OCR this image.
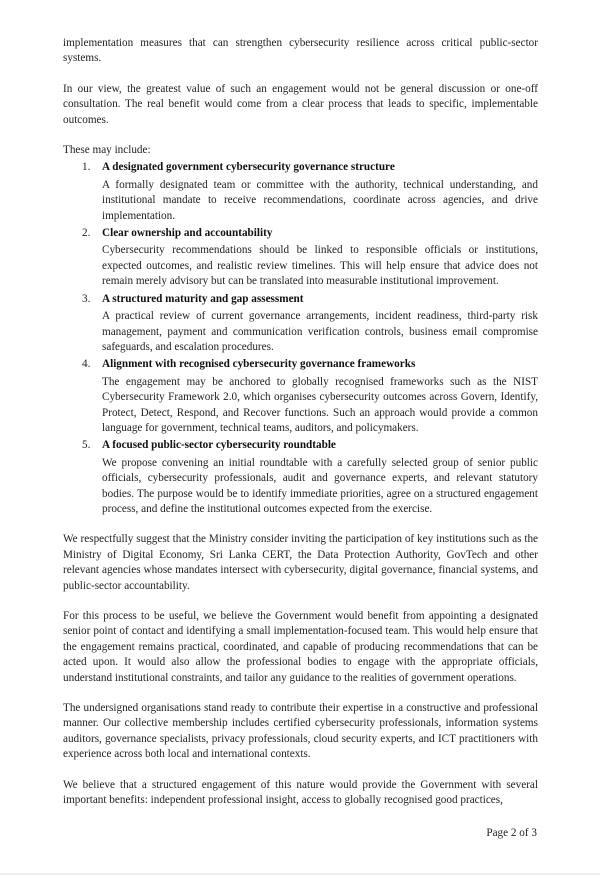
implementation measures that can strengthen cybersecurity resilience across critical public-sector systems.

In our view, the greatest value of such an engagement would not be general discussion or one-off consultation. The real benefit would come from a clear process that leads to specific, implementable outcomes.

These may include:

1. A designated government cybersecurity governance structure
A formally designated team or committee with the authority, technical understanding, and institutional mandate to receive recommendations, coordinate across agencies, and drive implementation.
2. Clear ownership and accountability
Cybersecurity recommendations should be linked to responsible officials or institutions, expected outcomes, and realistic review timelines. This will help ensure that advice does not remain merely advisory but can be translated into measurable institutional improvement.
3. A structured maturity and gap assessment
A practical review of current governance arrangements, incident readiness, third-party risk management, payment and communication verification controls, business email compromise safeguards, and escalation procedures.
4. Alignment with recognised cybersecurity governance frameworks
The engagement may be anchored to globally recognised frameworks such as the NIST Cybersecurity Framework 2.0, which organises cybersecurity outcomes across Govern, Identify, Protect, Detect, Respond, and Recover functions. Such an approach would provide a common language for government, technical teams, auditors, and policymakers.
5. A focused public-sector cybersecurity roundtable
We propose convening an initial roundtable with a carefully selected group of senior public officials, cybersecurity professionals, audit and governance experts, and relevant statutory bodies. The purpose would be to identify immediate priorities, agree on a structured engagement process, and define the institutional outcomes expected from the exercise.

We respectfully suggest that the Ministry consider inviting the participation of key institutions such as the Ministry of Digital Economy, Sri Lanka CERT, the Data Protection Authority, GovTech and other relevant agencies whose mandates intersect with cybersecurity, digital governance, financial systems, and public-sector accountability.

For this process to be useful, we believe the Government would benefit from appointing a designated senior point of contact and identifying a small implementation-focused team. This would help ensure that the engagement remains practical, coordinated, and capable of producing recommendations that can be acted upon. It would also allow the professional bodies to engage with the appropriate officials, understand institutional constraints, and tailor any guidance to the realities of government operations.

The undersigned organisations stand ready to contribute their expertise in a constructive and professional manner. Our collective membership includes certified cybersecurity professionals, information systems auditors, governance specialists, privacy professionals, cloud security experts, and ICT practitioners with experience across both local and international contexts.

We believe that a structured engagement of this nature would provide the Government with several important benefits: independent professional insight, access to globally recognised good practices,

Page 2 of 3
